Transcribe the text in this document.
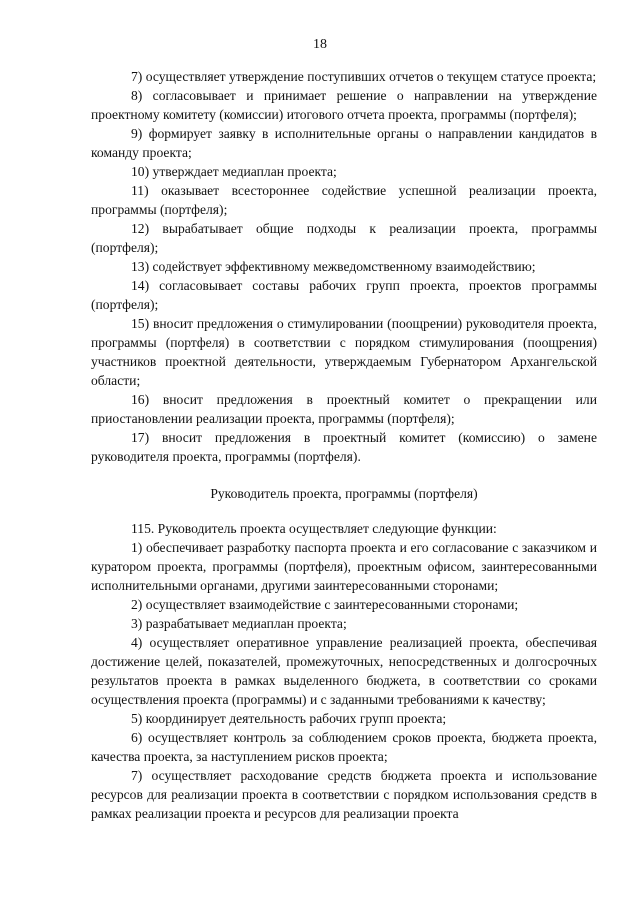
18

7) осуществляет утверждение поступивших отчетов о текущем статусе проекта;

8) согласовывает и принимает решение о направлении на утверждение проектному комитету (комиссии) итогового отчета проекта, программы (портфеля);

9) формирует заявку в исполнительные органы о направлении кандидатов в команду проекта;

10) утверждает медиаплан проекта;

11) оказывает всестороннее содействие успешной реализации проекта, программы (портфеля);

12) вырабатывает общие подходы к реализации проекта, программы (портфеля);

13) содействует эффективному межведомственному взаимодействию;

14) согласовывает составы рабочих групп проекта, проектов программы (портфеля);

15) вносит предложения о стимулировании (поощрении) руководителя проекта, программы (портфеля) в соответствии с порядком стимулирования (поощрения) участников проектной деятельности, утверждаемым Губернатором Архангельской области;

16) вносит предложения в проектный комитет о прекращении или приостановлении реализации проекта, программы (портфеля);

17) вносит предложения в проектный комитет (комиссию) о замене руководителя проекта, программы (портфеля).

Руководитель проекта, программы (портфеля)

115. Руководитель проекта осуществляет следующие функции:

1) обеспечивает разработку паспорта проекта и его согласование с заказчиком и куратором проекта, программы (портфеля), проектным офисом, заинтересованными исполнительными органами, другими заинтересованными сторонами;

2) осуществляет взаимодействие с заинтересованными сторонами;

3) разрабатывает медиаплан проекта;

4) осуществляет оперативное управление реализацией проекта, обеспечивая достижение целей, показателей, промежуточных, непосредственных и долгосрочных результатов проекта в рамках выделенного бюджета, в соответствии со сроками осуществления проекта (программы) и с заданными требованиями к качеству;

5) координирует деятельность рабочих групп проекта;

6) осуществляет контроль за соблюдением сроков проекта, бюджета проекта, качества проекта, за наступлением рисков проекта;

7) осуществляет расходование средств бюджета проекта и использование ресурсов для реализации проекта в соответствии с порядком использования средств в рамках реализации проекта и ресурсов для реализации проекта
